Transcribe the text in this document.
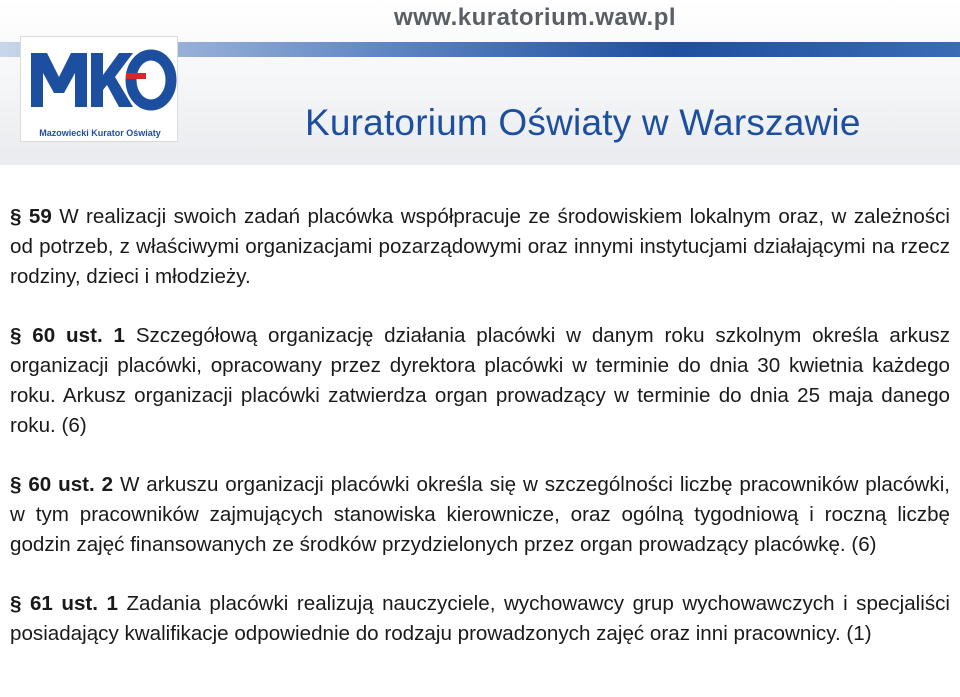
www.kuratorium.waw.pl
Mazowiecki Kurator Oświaty	Kuratorium Oświaty w Warszawie

§ 59 W realizacji swoich zadań placówka współpracuje ze środowiskiem lokalnym oraz, w zależności od potrzeb, z właściwymi organizacjami pozarządowymi oraz innymi instytucjami działającymi na rzecz rodziny, dzieci i młodzieży.

§ 60 ust. 1 Szczegółową organizację działania placówki w danym roku szkolnym określa arkusz organizacji placówki, opracowany przez dyrektora placówki w terminie do dnia 30 kwietnia każdego roku. Arkusz organizacji placówki zatwierdza organ prowadzący w terminie do dnia 25 maja danego roku. (6)

§ 60 ust. 2 W arkuszu organizacji placówki określa się w szczególności liczbę pracowników placówki, w tym pracowników zajmujących stanowiska kierownicze, oraz ogólną tygodniową i roczną liczbę godzin zajęć finansowanych ze środków przydzielonych przez organ prowadzący placówkę. (6)

§ 61 ust. 1 Zadania placówki realizują nauczyciele, wychowawcy grup wychowawczych i specjaliści posiadający kwalifikacje odpowiednie do rodzaju prowadzonych zajęć oraz inni pracownicy. (1)
